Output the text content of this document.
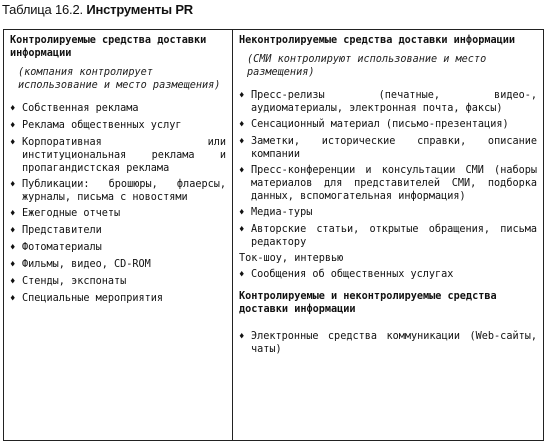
Таблица 16.2. Инструменты PR
Контролируемые средства доставки информации
(компания контролирует использование и место размещения)
♦ Собственная реклама
♦ Реклама общественных услуг
♦ Корпоративная или институциональная реклама и пропагандистская реклама
♦ Публикации: брошюры, флаерсы, журналы, письма с новостями
♦ Ежегодные отчеты
♦ Представители
♦ Фотоматериалы
♦ Фильмы, видео, CD-ROM
♦ Стенды, экспонаты
♦ Специальные мероприятия

Неконтролируемые средства доставки информации
(СМИ контролируют использование и место размещения)
♦ Пресс-релизы (печатные, видео-, аудиоматериалы, электронная почта, факсы)
♦ Сенсационный материал (письмо-презентация)
♦ Заметки, исторические справки, описание компании
♦ Пресс-конференции и консультации СМИ (наборы материалов для представителей СМИ, подборка данных, вспомогательная информация)
♦ Медиа-туры
♦ Авторские статьи, открытые обращения, письма редактору
Ток-шоу, интервью
♦ Сообщения об общественных услугах
Контролируемые и неконтролируемые средства доставки информации
♦ Электронные средства коммуникации (Web-сайты, чаты)
